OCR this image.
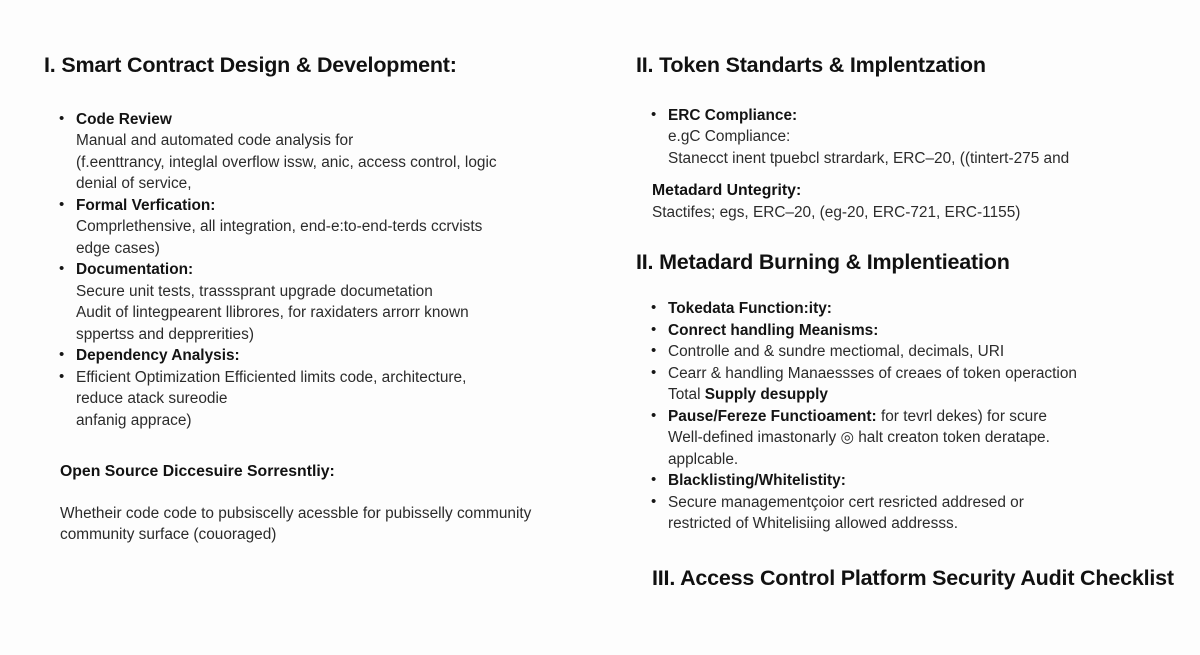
I. Smart Contract Design & Development:
• Code Review
Manual and automated code analysis for
(f.eenttrancy, integlal overflow issw, anic, access control, logic
denial of service,
• Formal Verfication:
Comprlethensive, all integration, end-e:to-end-terds ccrvists
edge cases)
• Documentation:
Secure unit tests, trasssprant upgrade documetation
Audit of lintegpearent llibrores, for raxidaters arrorr known
sppertss and depprerities)
• Dependency Analysis:
• Efficient Optimization Efficiented limits code, architecture,
reduce atack sureodie
anfanig apprace)
Open Source Diccesuire Sorresntliy:
Whetheir code code to pubsiscelly acessble for pubisselly community
community surface (couoraged)
II. Token Standarts & Implentzation
• ERC Compliance:
e.gC Compliance:
Stanecct inent tpuebcl strardark, ERC–20, ((tintert-275 and
Metadard Untegrity:
Stactifes; egs, ERC–20, (eg-20, ERC-721, ERC-1155)
II. Metadard Burning & Implentieation
• Tokedata Function:ity:
• Conrect handling Meanisms:
• Controlle and & sundre mectiomal, decimals, URI
• Cearr & handling Manaessses of creaes of token operaction
Total Supply desupply
• Pause/Fereze Functioament: for tevrl dekes) for scure
Well-defined imastonarly ◎ halt creaton token deratape.
applcable.
• Blacklisting/Whitelistity:
• Secure managementçoior cert resricted addresed or
restricted of Whitelisiing allowed addresss.
III. Access Control Platform Security Audit Checklist
